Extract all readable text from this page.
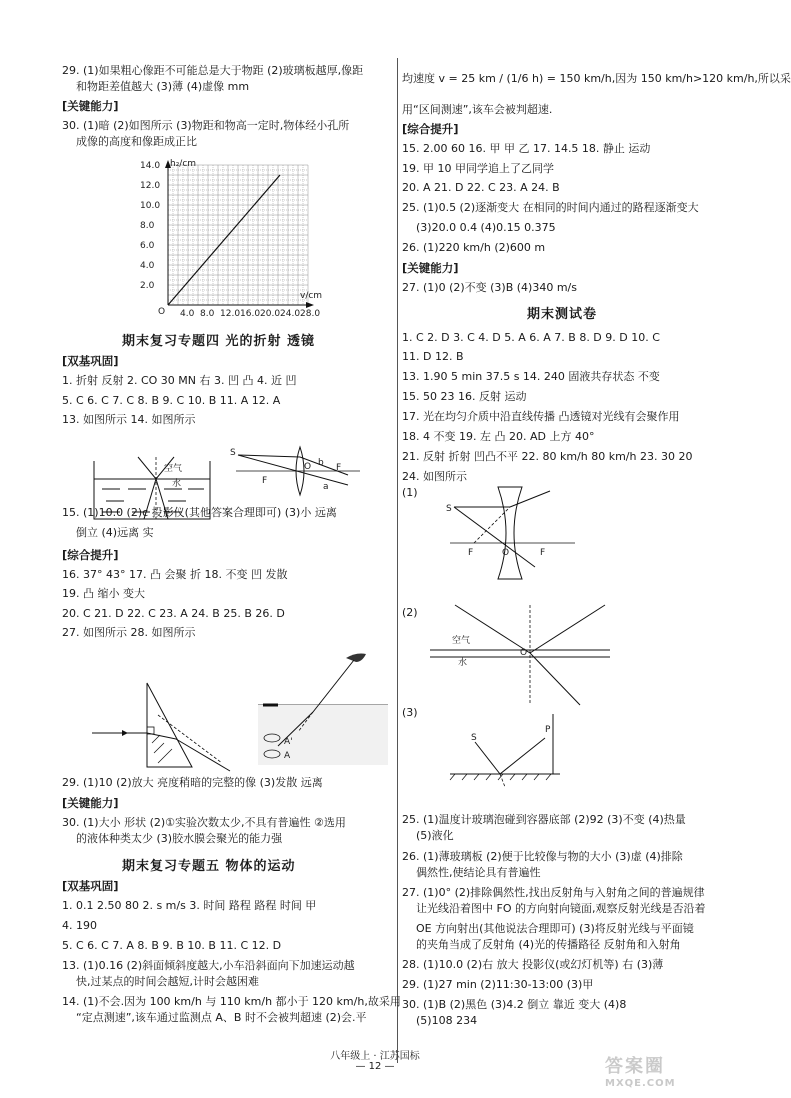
29. (1)如果粗心像距不可能总是大于物距 (2)玻璃板越厚,像距
和物距差值越大 (3)薄 (4)虚像 mm
[ 关键能力 ]
30. (1)暗 (2)如图所示 (3)物距和物高一定时,物体经小孔所
成像的高度和像距成正比
期末复习专题四 光的折射 透镜
[ 双基巩固 ]
1. 折射 反射 2. CO 30 MN 右 3. 凹 凸 4. 近 凹
5. C 6. C 7. C 8. B 9. C 10. B 11. A 12. A
13. 如图所示 14. 如图所示
15. (1)10.0 (2)c 投影仪(其他答案合理即可) (3)小 远离
倒立 (4)远离 实
[ 综合提升 ]
16. 37° 43° 17. 凸 会聚 折 18. 不变 凹 发散
19. 凸 缩小 变大
20. C 21. D 22. C 23. A 24. B 25. B 26. D
27. 如图所示 28. 如图所示
29. (1)10 (2)放大 亮度稍暗的完整的像 (3)发散 远离
[ 关键能力 ]
30. (1)大小 形状 (2)①实验次数太少,不具有普遍性 ②选用
的液体种类太少 (3)胶水膜会聚光的能力强
期末复习专题五 物体的运动
[ 双基巩固 ]
1. 0.1 2.50 80 2. s m/s 3. 时间 路程 路程 时间 甲
4. 190
5. C 6. C 7. A 8. B 9. B 10. B 11. C 12. D
13. (1)0.16 (2)斜面倾斜度越大,小车沿斜面向下加速运动越
快,过某点的时间会越短,计时会越困难
14. (1)不会.因为 100 km/h 与 110 km/h 都小于 120 km/h,故采用
“定点测速”,该车通过监测点 A、B 时不会被判超速 (2)会.平
均速度 v = 25 km / (1/6 h) = 150 km/h,因为 150 km/h>120 km/h,所以采
用“区间测速”,该车会被判超速.
[ 综合提升 ]
15. 2.00 60 16. 甲 甲 乙 17. 14.5 18. 静止 运动
19. 甲 10 甲同学追上了乙同学
20. A 21. D 22. C 23. A 24. B
25. (1)0.5 (2)逐渐变大 在相同的时间内通过的路程逐渐变大
(3)20.0 0.4 (4)0.15 0.375
26. (1)220 km/h (2)600 m
[ 关键能力 ]
27. (1)0 (2)不变 (3)B (4)340 m/s
期末测试卷
1. C 2. D 3. C 4. D 5. A 6. A 7. B 8. D 9. D 10. C
11. D 12. B
13. 1.90 5 min 37.5 s 14. 240 固液共存状态 不变
15. 50 23 16. 反射 运动
17. 光在均匀介质中沿直线传播 凸透镜对光线有会聚作用
18. 4 不变 19. 左 凸 20. AD 上方 40°
21. 反射 折射 凹凸不平 22. 80 km/h 80 km/h 23. 30 20
24. 如图所示
(1)
(2)
(3)
25. (1)温度计玻璃泡碰到容器底部 (2)92 (3)不变 (4)热量
(5)液化
26. (1)薄玻璃板 (2)便于比较像与物的大小 (3)虚 (4)排除
偶然性,使结论具有普遍性
27. (1)0° (2)排除偶然性,找出反射角与入射角之间的普遍规律
让光线沿着图中 FO 的方向射向镜面,观察反射光线是否沿着
OE 方向射出(其他说法合理即可) (3)将反射光线与平面镜
的夹角当成了反射角 (4)光的传播路径 反射角和入射角
28. (1)10.0 (2)右 放大 投影仪(或幻灯机等) 右 (3)薄
29. (1)27 min (2)11:30-13:00 (3)甲
30. (1)B (2)黑色 (3)4.2 倒立 靠近 变大 (4)8
(5)108 234
h₂/cm
v/cm
O
2.0
4.0
6.0
8.0
10.0
12.0
14.0
4.0 8.0 12.0 16.0 20.0 24.0 28.0
空气
水
S
F
F
O b
a
A'
A
S
F	O	F
空气
水
O
S
P
八年级上 · 江苏国标
— 12 —	答案圈
MXQE.COM
